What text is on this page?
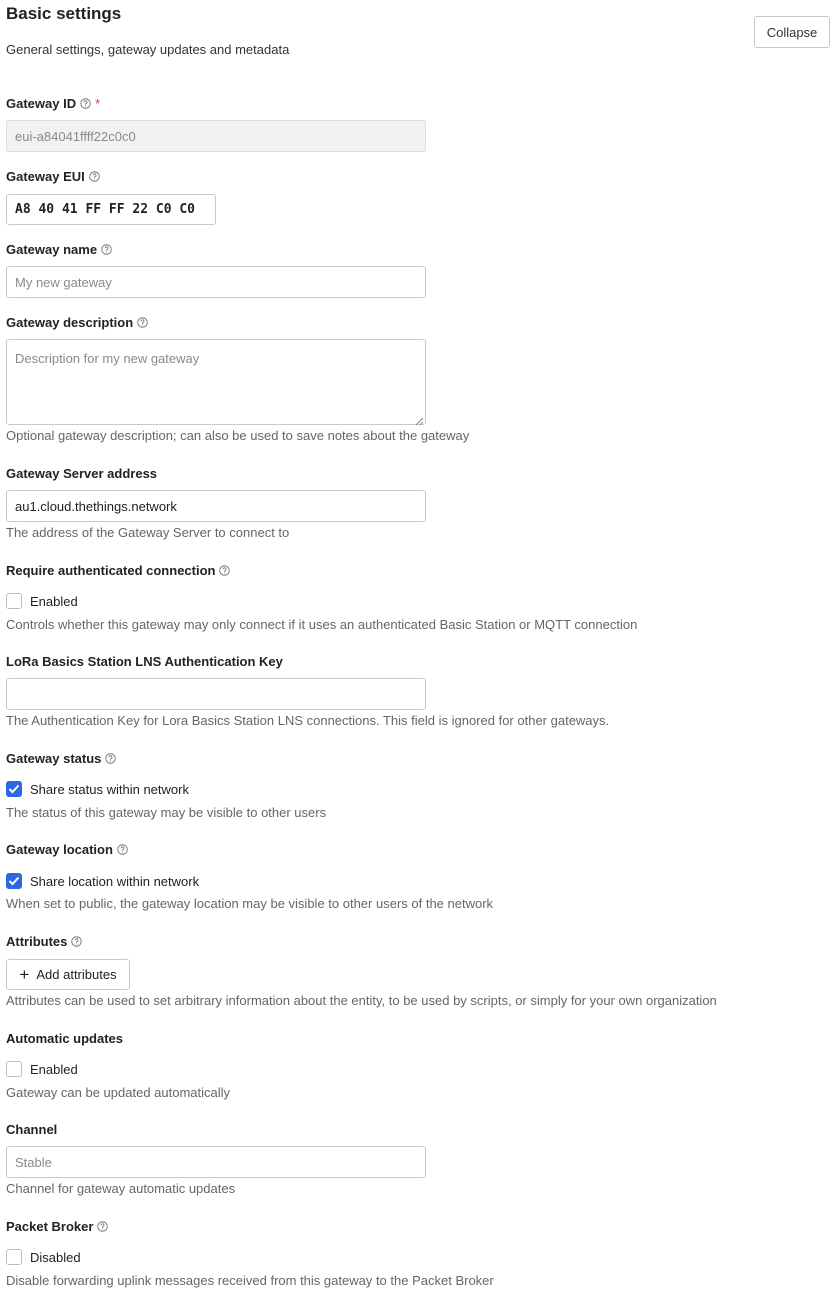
Basic settings
General settings, gateway updates and metadata
Collapse
Gateway ID *
eui-a84041ffff22c0c0
Gateway EUI
A8 40 41 FF FF 22 C0 C0
Gateway name
My new gateway
Gateway description
Description for my new gateway
Optional gateway description; can also be used to save notes about the gateway
Gateway Server address
au1.cloud.thethings.network
The address of the Gateway Server to connect to
Require authenticated connection
Enabled
Controls whether this gateway may only connect if it uses an authenticated Basic Station or MQTT connection
LoRa Basics Station LNS Authentication Key
The Authentication Key for Lora Basics Station LNS connections. This field is ignored for other gateways.
Gateway status
Share status within network
The status of this gateway may be visible to other users
Gateway location
Share location within network
When set to public, the gateway location may be visible to other users of the network
Attributes
+ Add attributes
Attributes can be used to set arbitrary information about the entity, to be used by scripts, or simply for your own organization
Automatic updates
Enabled
Gateway can be updated automatically
Channel
Stable
Channel for gateway automatic updates
Packet Broker
Disabled
Disable forwarding uplink messages received from this gateway to the Packet Broker
